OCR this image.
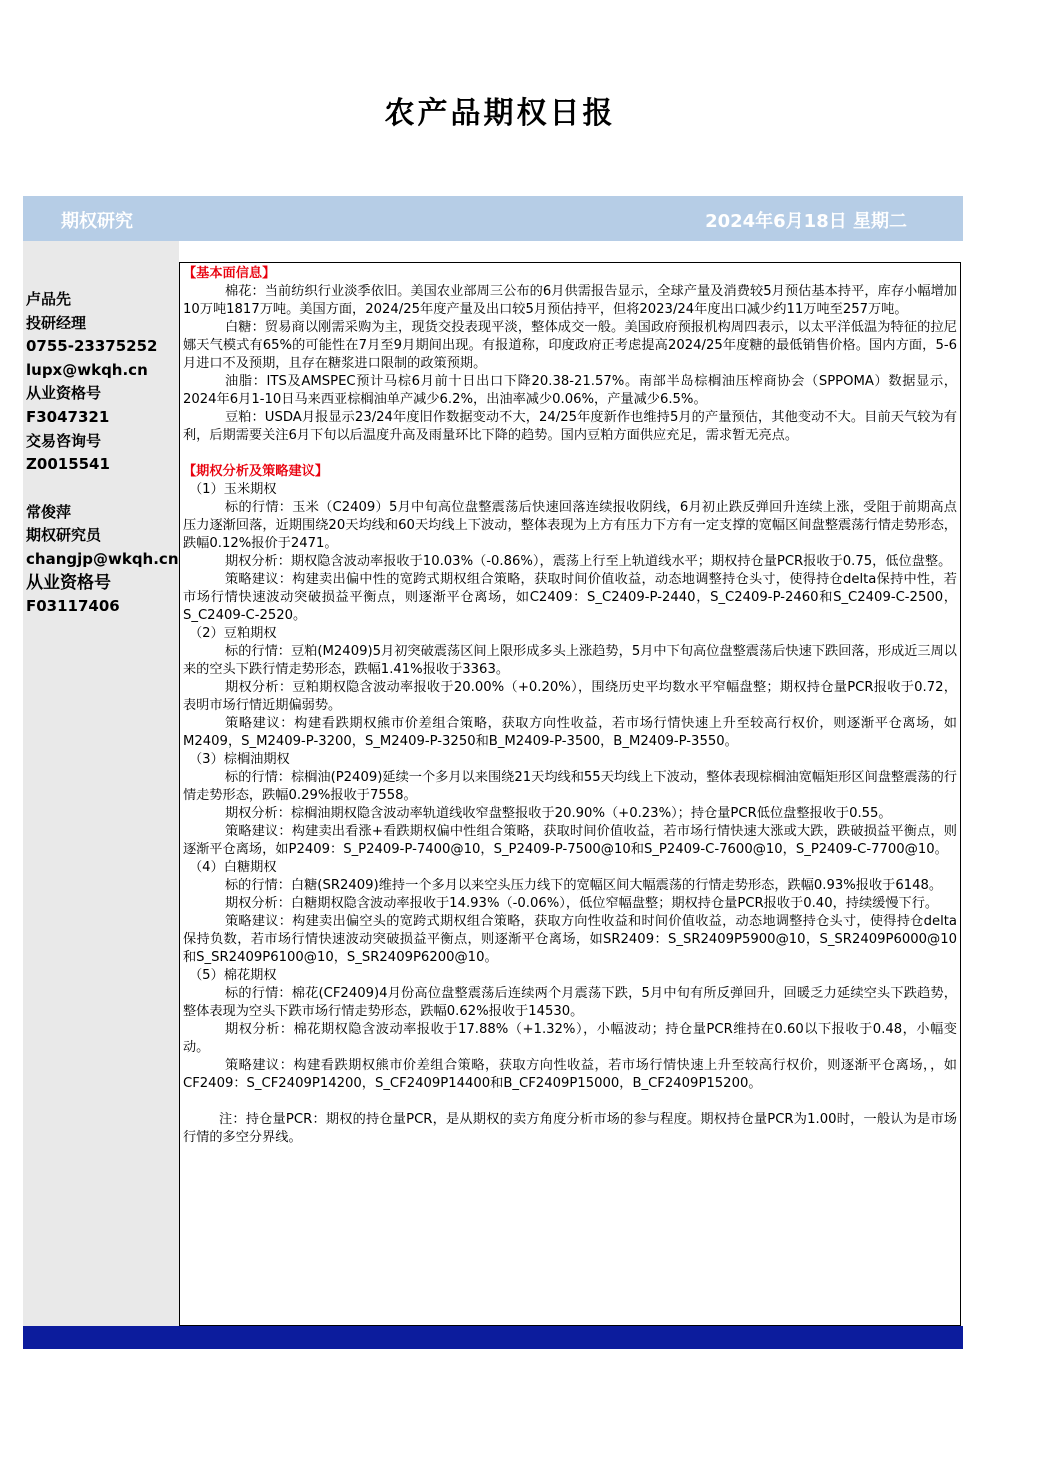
农产品期权日报
期权研究	2024年6月18日 星期二
卢品先
投研经理
0755-23375252
lupx@wkqh.cn
从业资格号
F3047321
交易咨询号
Z0015541
常俊萍
期权研究员
changjp@wkqh.cn
从业资格号
F03117406

【基本面信息】

棉花：当前纺织行业淡季依旧。美国农业部周三公布的6月供需报告显示，全球产量及消费较5月预估基本持平，库存小幅增加10万吨1817万吨。美国方面，2024/25年度产量及出口较5月预估持平，但将2023/24年度出口减少约11万吨至257万吨。

白糖：贸易商以刚需采购为主，现货交投表现平淡，整体成交一般。美国政府预报机构周四表示，以太平洋低温为特征的拉尼娜天气模式有65%的可能性在7月至9月期间出现。有报道称，印度政府正考虑提高2024/25年度糖的最低销售价格。国内方面，5-6月进口不及预期，且存在糖浆进口限制的政策预期。

油脂：ITS及AMSPEC预计马棕6月前十日出口下降20.38-21.57%。南部半岛棕榈油压榨商协会（SPPOMA）数据显示，2024年6月1-10日马来西亚棕榈油单产减少6.2%，出油率减少0.06%，产量减少6.5%。

豆粕：USDA月报显示23/24年度旧作数据变动不大，24/25年度新作也维持5月的产量预估，其他变动不大。目前天气较为有利，后期需要关注6月下旬以后温度升高及雨量环比下降的趋势。国内豆粕方面供应充足，需求暂无亮点。

【期权分析及策略建议】

（1）玉米期权

标的行情：玉米（C2409）5月中旬高位盘整震荡后快速回落连续报收阴线，6月初止跌反弹回升连续上涨，受阻于前期高点压力逐渐回落，近期围绕20天均线和60天均线上下波动，整体表现为上方有压力下方有一定支撑的宽幅区间盘整震荡行情走势形态，跌幅0.12%报价于2471。

期权分析：期权隐含波动率报收于10.03%（-0.86%），震荡上行至上轨道线水平；期权持仓量PCR报收于0.75，低位盘整。

策略建议：构建卖出偏中性的宽跨式期权组合策略，获取时间价值收益，动态地调整持仓头寸，使得持仓delta保持中性，若市场行情快速波动突破损益平衡点，则逐渐平仓离场，如C2409：S_C2409-P-2440，S_C2409-P-2460和S_C2409-C-2500，S_C2409-C-2520。

（2）豆粕期权

标的行情：豆粕(M2409)5月初突破震荡区间上限形成多头上涨趋势，5月中下旬高位盘整震荡后快速下跌回落，形成近三周以来的空头下跌行情走势形态，跌幅1.41%报收于3363。

期权分析：豆粕期权隐含波动率报收于20.00%（+0.20%），围绕历史平均数水平窄幅盘整；期权持仓量PCR报收于0.72，表明市场行情近期偏弱势。

策略建议：构建看跌期权熊市价差组合策略，获取方向性收益，若市场行情快速上升至较高行权价，则逐渐平仓离场，如M2409，S_M2409-P-3200，S_M2409-P-3250和B_M2409-P-3500，B_M2409-P-3550。

（3）棕榈油期权

标的行情：棕榈油(P2409)延续一个多月以来围绕21天均线和55天均线上下波动，整体表现棕榈油宽幅矩形区间盘整震荡的行情走势形态，跌幅0.29%报收于7558。

期权分析：棕榈油期权隐含波动率轨道线收窄盘整报收于20.90%（+0.23%）；持仓量PCR低位盘整报收于0.55。

策略建议：构建卖出看涨+看跌期权偏中性组合策略，获取时间价值收益，若市场行情快速大涨或大跌，跌破损益平衡点，则逐渐平仓离场，如P2409：S_P2409-P-7400@10，S_P2409-P-7500@10和S_P2409-C-7600@10，S_P2409-C-7700@10。

（4）白糖期权

标的行情：白糖(SR2409)维持一个多月以来空头压力线下的宽幅区间大幅震荡的行情走势形态，跌幅0.93%报收于6148。

期权分析：白糖期权隐含波动率报收于14.93%（-0.06%），低位窄幅盘整；期权持仓量PCR报收于0.40，持续缓慢下行。

策略建议：构建卖出偏空头的宽跨式期权组合策略，获取方向性收益和时间价值收益，动态地调整持仓头寸，使得持仓delta保持负数，若市场行情快速波动突破损益平衡点，则逐渐平仓离场，如SR2409：S_SR2409P5900@10，S_SR2409P6000@10和S_SR2409P6100@10，S_SR2409P6200@10。

（5）棉花期权

标的行情：棉花(CF2409)4月份高位盘整震荡后连续两个月震荡下跌，5月中旬有所反弹回升，回暖乏力延续空头下跌趋势，整体表现为空头下跌市场行情走势形态，跌幅0.62%报收于14530。

期权分析：棉花期权隐含波动率报收于17.88%（+1.32%），小幅波动；持仓量PCR维持在0.60以下报收于0.48，小幅变动。

策略建议：构建看跌期权熊市价差组合策略，获取方向性收益，若市场行情快速上升至较高行权价，则逐渐平仓离场，，如CF2409：S_CF2409P14200，S_CF2409P14400和B_CF2409P15000，B_CF2409P15200。

注：持仓量PCR：期权的持仓量PCR，是从期权的卖方角度分析市场的参与程度。期权持仓量PCR为1.00时，一般认为是市场行情的多空分界线。
